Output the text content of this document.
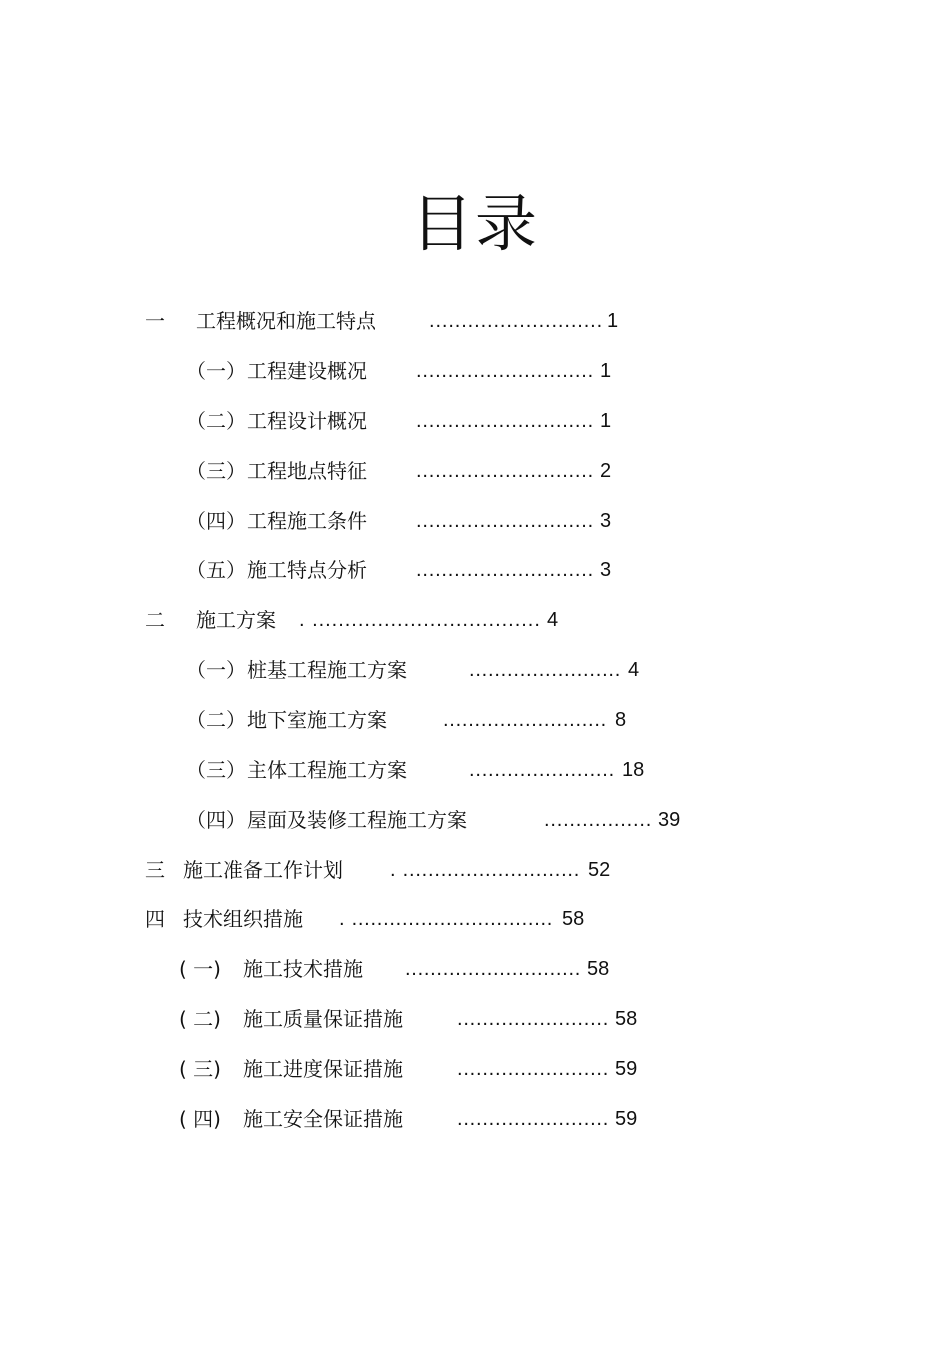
目录
一 工程概况和施工特点	........................... 1
（一） 工程建设概况 ............................ 1
（二） 工程设计概况 ............................ 1
（三） 工程地点特征 ............................ 2
（四） 工程施工条件 ............................ 3
（五） 施工特点分析 ............................ 3
二 施工方案 . ................................... 4
（一） 桩基工程施工方案	........................ 4
（二） 地下室施工方案	.......................... 8
（三） 主体工程施工方案	....................... 18
（四） 屋面及装修工程施工方案	................. 39
三 施工准备工作计划 . ............................ 52
四 技术组织措施 . ................................ 58
( 一) 施工技术措施 ............................ 58
( 二) 施工质量保证措施	........................ 58
( 三) 施工进度保证措施	........................ 59
( 四) 施工安全保证措施	........................ 59
